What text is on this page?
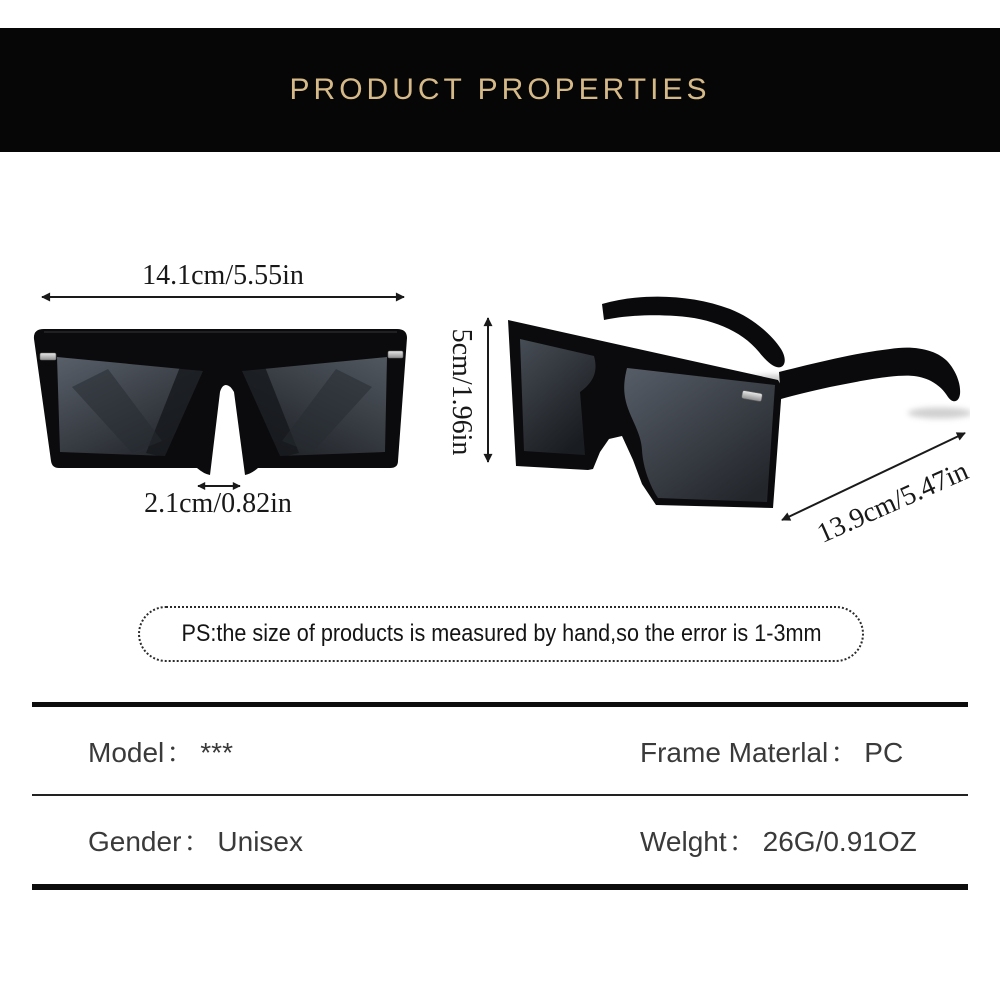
PRODUCT PROPERTIES
14.1cm/5.55in
2.1cm/0.82in
5cm/1.96in
13.9cm/5.47in
PS:the size of products is measured by hand,so the error is 1-3mm
Model： ***	Frame Materlal： PC
Gender： Unisex	Welght： 26G/0.91OZ
